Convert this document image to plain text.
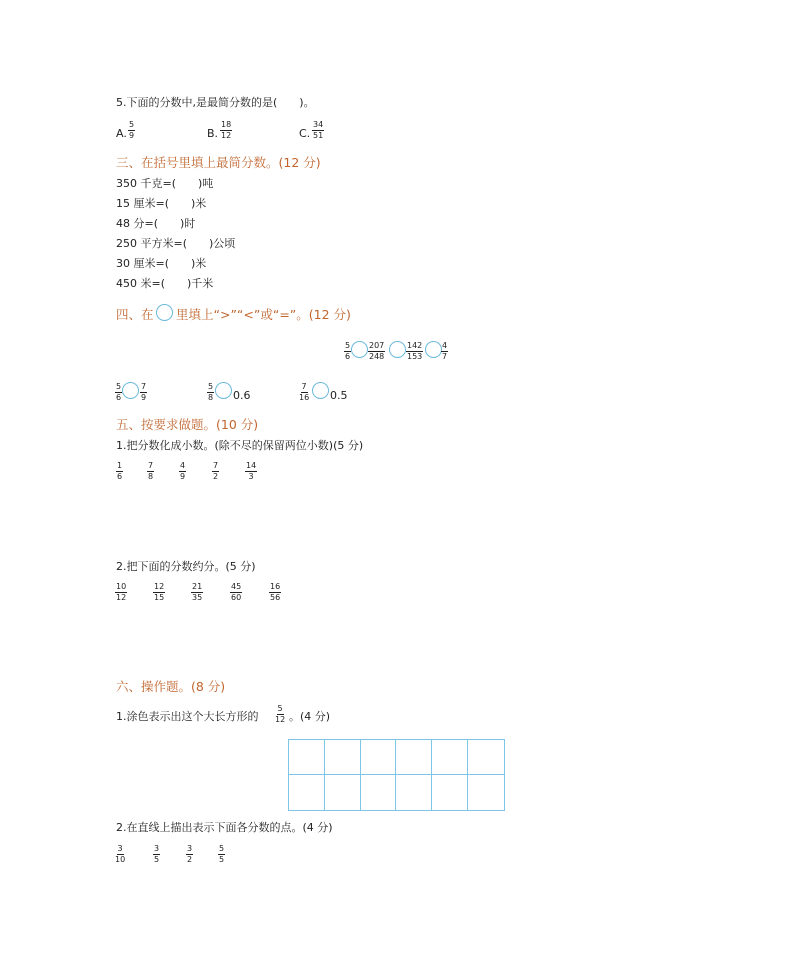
5.下面的分数中,是最简分数的是(　　)。
A. $\frac{5}{9}$	B. $\frac{18}{12}$	C. $\frac{34}{51}$
三、在括号里填上最简分数。(12 分)
350 千克=(　　)吨
15 厘米=(　　)米
48 分=(　　)时
250 平方米=(　　)公顷
30 厘米=(　　)米
450 米=(　　)千米
四、在 里填上“>”“<”或“=”。(12 分)
$\frac{5}{6} \frac{207}{248}$	$\frac{142}{153} \frac{4}{7}$
$\frac{5}{6} \frac{7}{9}$	$\frac{5}{8} 0.6$	$\frac{7}{16} 0.5$
五、按要求做题。(10 分)
1.把分数化成小数。(除不尽的保留两位小数)(5 分)
$\frac{1}{6}$	$\frac{7}{8}$	$\frac{4}{9}$	$\frac{7}{2}$	$\frac{14}{3}$
2.把下面的分数约分。(5 分)
$\frac{10}{12}$	$\frac{12}{15}$	$\frac{21}{35}$	$\frac{45}{60}$	$\frac{16}{56}$
六、操作题。(8 分)
1.涂色表示出这个大长方形的 $\frac{5}{12}$ 。(4 分)
2.在直线上描出表示下面各分数的点。(4 分)
$\frac{3}{10}$	$\frac{3}{5}$	$\frac{3}{2}$	$\frac{5}{5}$
